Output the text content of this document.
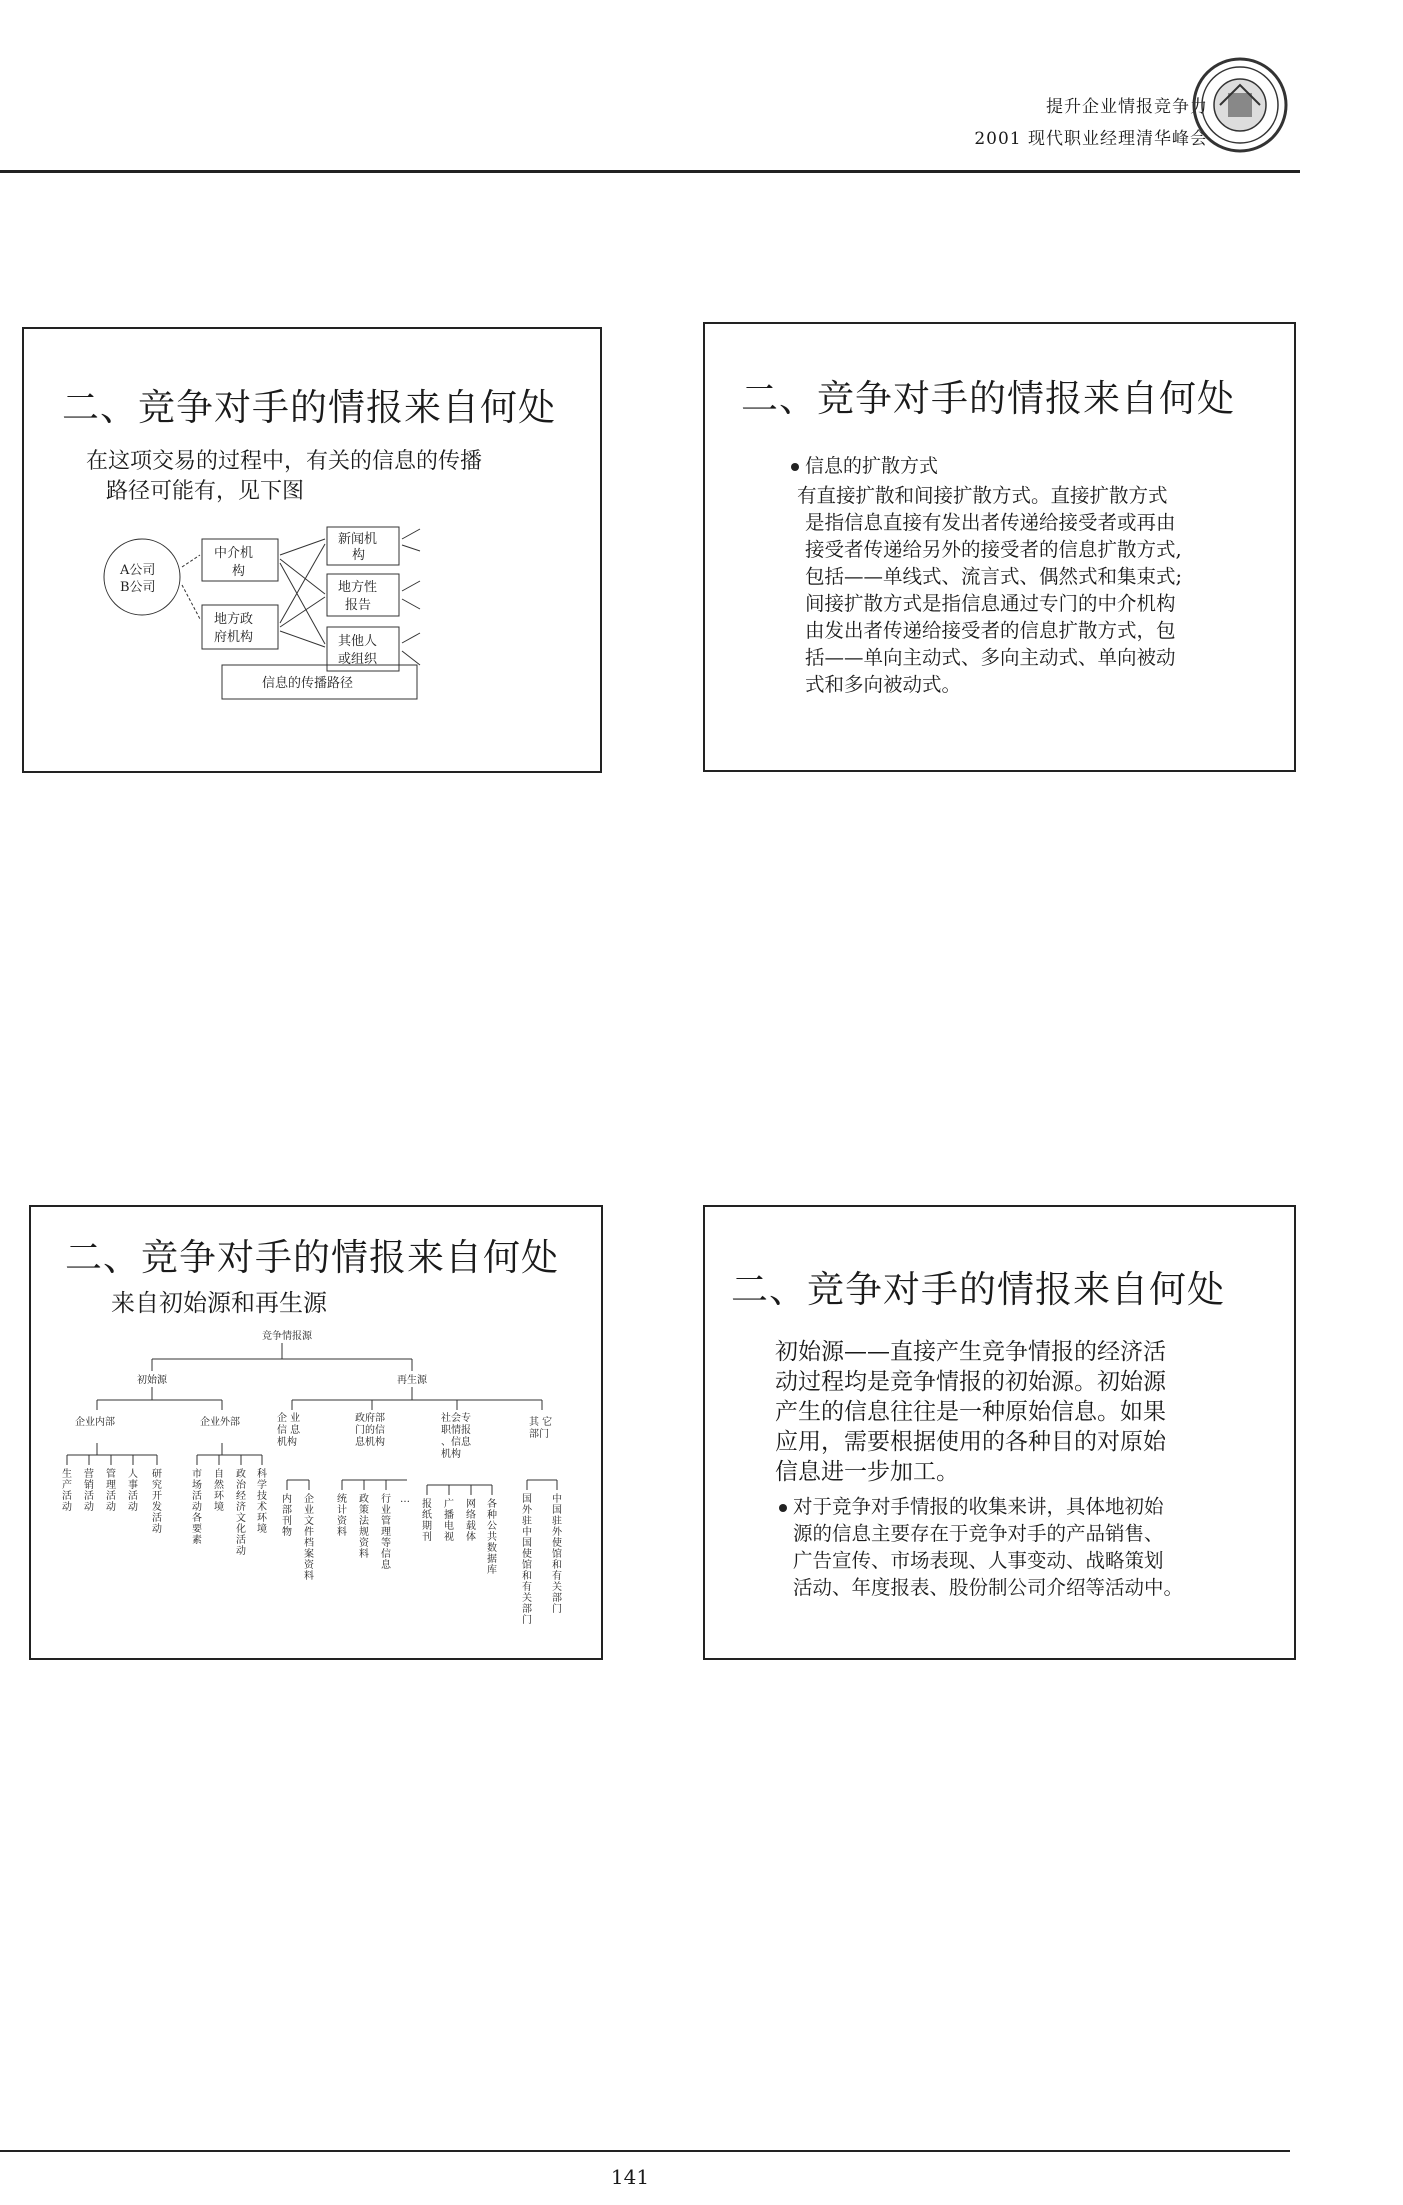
提升企业情报竞争力
2001 现代职业经理清华峰会
二、竞争对手的情报来自何处
在这项交易的过程中，有关的信息的传播
路径可能有，见下图
A公司
B公司
中介机
构
地方政
府机构
新闻机
构
地方性
报告
其他人
或组织
信息的传播路径
二、竞争对手的情报来自何处
信息的扩散方式
有直接扩散和间接扩散方式。直接扩散方式
是指信息直接有发出者传递给接受者或再由
接受者传递给另外的接受者的信息扩散方式,
包括——单线式、流言式、偶然式和集束式;
间接扩散方式是指信息通过专门的中介机构
由发出者传递给接受者的信息扩散方式，包
括——单向主动式、多向主动式、单向被动
式和多向被动式。
二、竞争对手的情报来自何处
来自初始源和再生源
竞争情报源
初始源	再生源
企业内部	企业外部	企 业
信 息
机构
政府部
门的信
息机构
社会专
职情报
、信息
机构
其 它
部门
生产活动
营销活动
管理活动
人事活动
研究开发活动
市场活动各要素
自然环境
政治经济文化活动
科学技术环境
内部刊物
企业文件档案资料
统计资料
政策法规资料
行业管理等信息
… 报纸期刊
广播电视
网络载体
各种公共数据库
国外驻中国使馆和有关部门
中国驻外使馆和有关部门
二、竞争对手的情报来自何处
初始源——直接产生竞争情报的经济活
动过程均是竞争情报的初始源。初始源
产生的信息往往是一种原始信息。如果
应用，需要根据使用的各种目的对原始
信息进一步加工。
对于竞争对手情报的收集来讲，具体地初始
源的信息主要存在于竞争对手的产品销售、
广告宣传、市场表现、人事变动、战略策划
活动、年度报表、股份制公司介绍等活动中。
141
